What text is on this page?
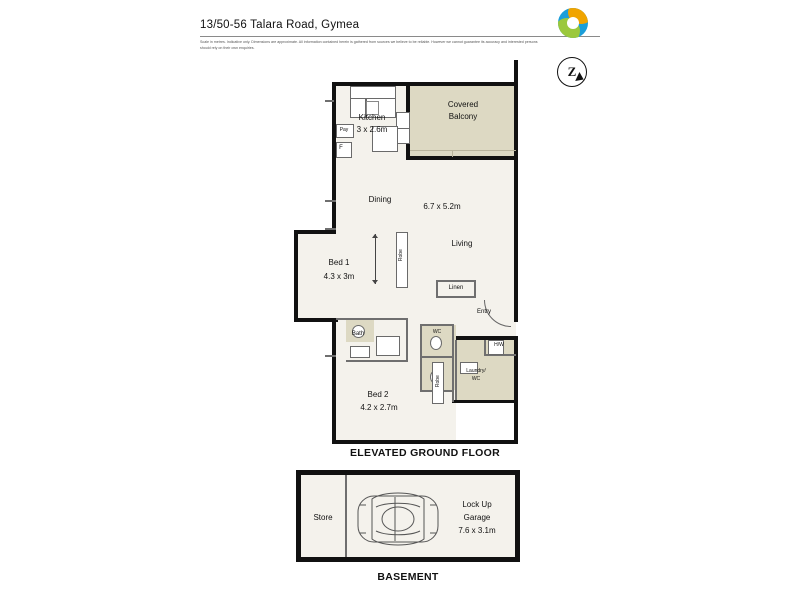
13/50-56 Talara Road, Gymea
Scale in metres. Indicative only. Dimensions are approximate. All information contained herein is gathered from sources we believe to be reliable. However we cannot guarantee its accuracy and interested persons should rely on their own enquiries.
Z
Pay
F
Robe
Robe
Kitchen
3 x 2.6m
Covered
Balcony
Dining
6.7 x 5.2m
Living
Bed 1
4.3 x 3m
Bed 2
4.2 x 2.7m
Bath
Linen
Entry
WC
Laundry/
WC
H/W
ELEVATED GROUND FLOOR
Store
Lock Up
Garage
7.6 x 3.1m
BASEMENT
